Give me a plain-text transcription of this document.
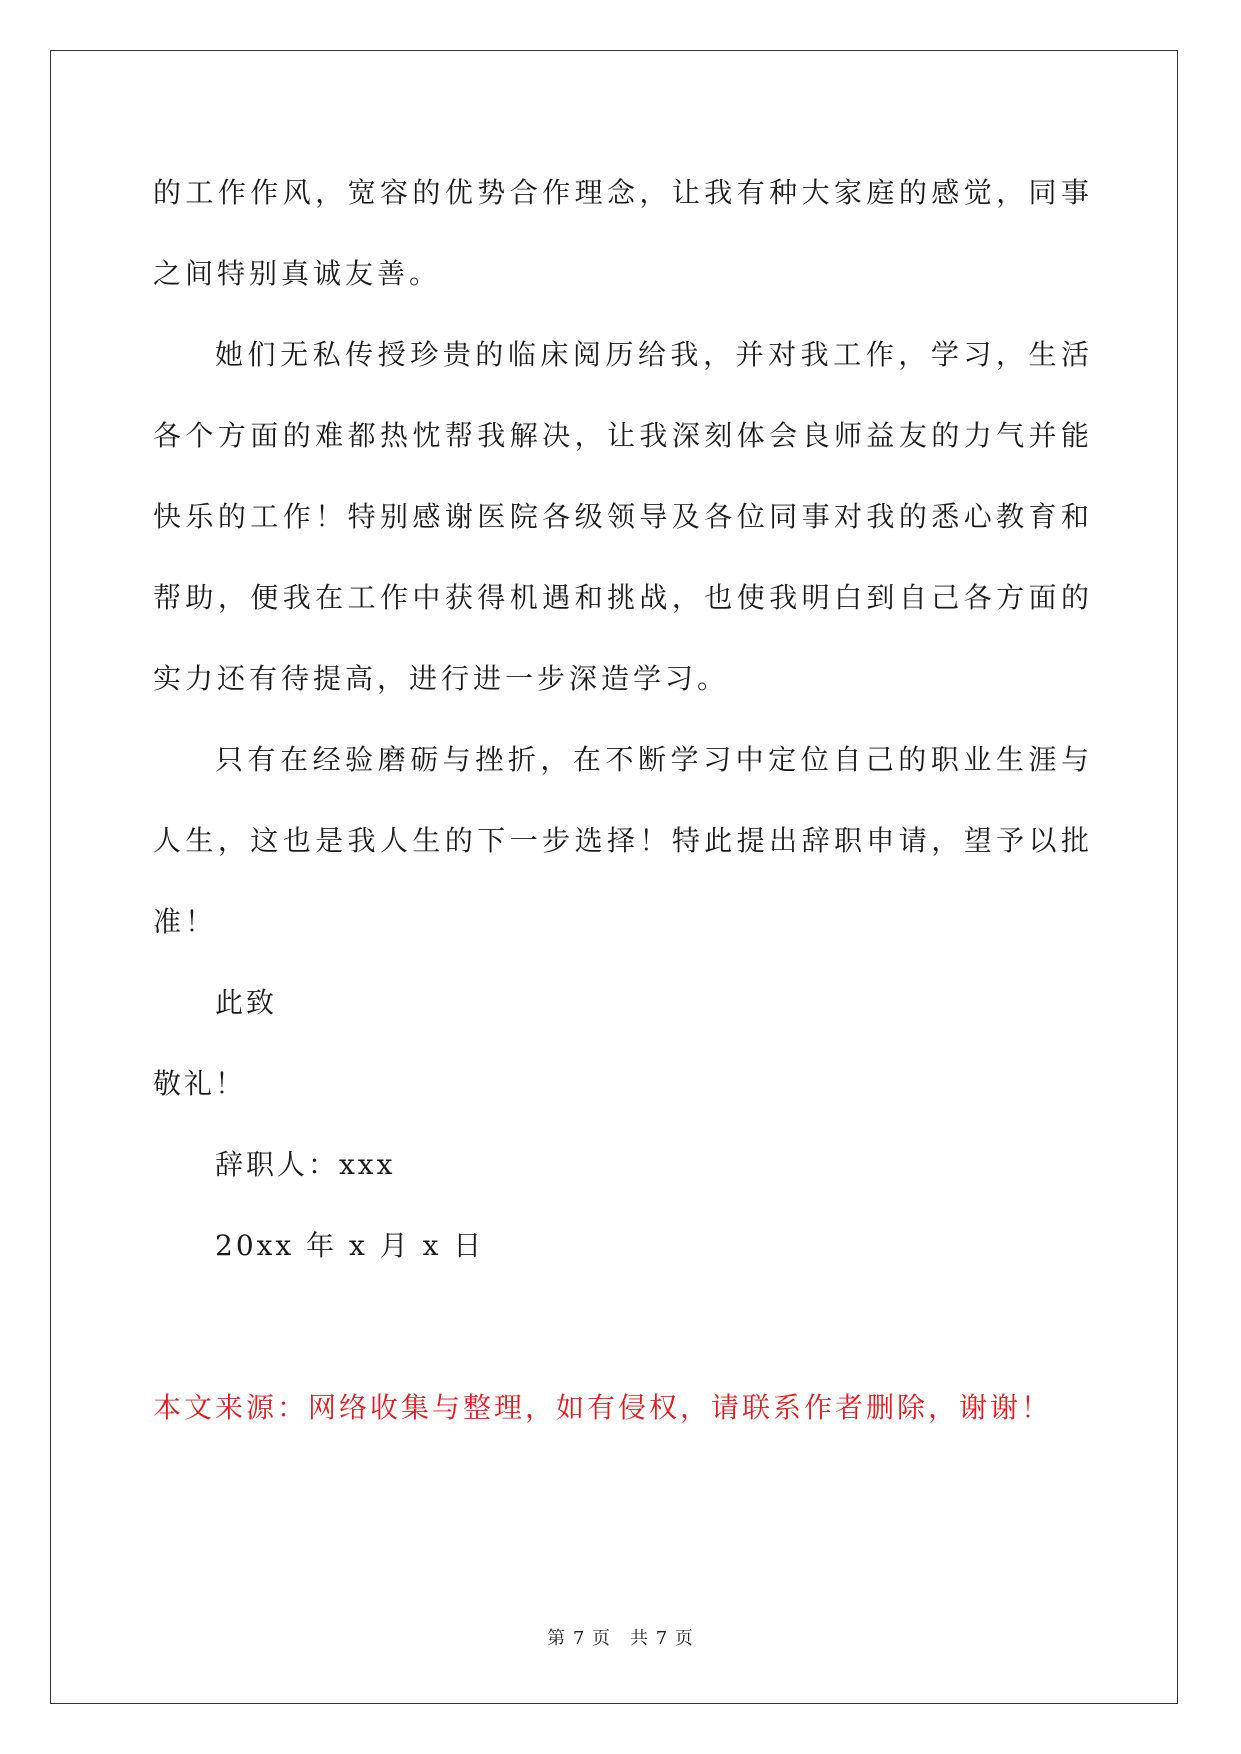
的工作作风，宽容的优势合作理念，让我有种大家庭的感觉，同事之间特别真诚友善。

她们无私传授珍贵的临床阅历给我，并对我工作，学习，生活各个方面的难都热忱帮我解决，让我深刻体会良师益友的力气并能快乐的工作！特别感谢医院各级领导及各位同事对我的悉心教育和帮助，便我在工作中获得机遇和挑战，也使我明白到自己各方面的实力还有待提高，进行进一步深造学习。

只有在经验磨砺与挫折，在不断学习中定位自己的职业生涯与人生，这也是我人生的下一步选择！特此提出辞职申请，望予以批准！

此致

敬礼！

辞职人：xxx

20xx 年 x 月 x 日

本文来源：网络收集与整理，如有侵权，请联系作者删除，谢谢！

第 7 页　共 7 页
